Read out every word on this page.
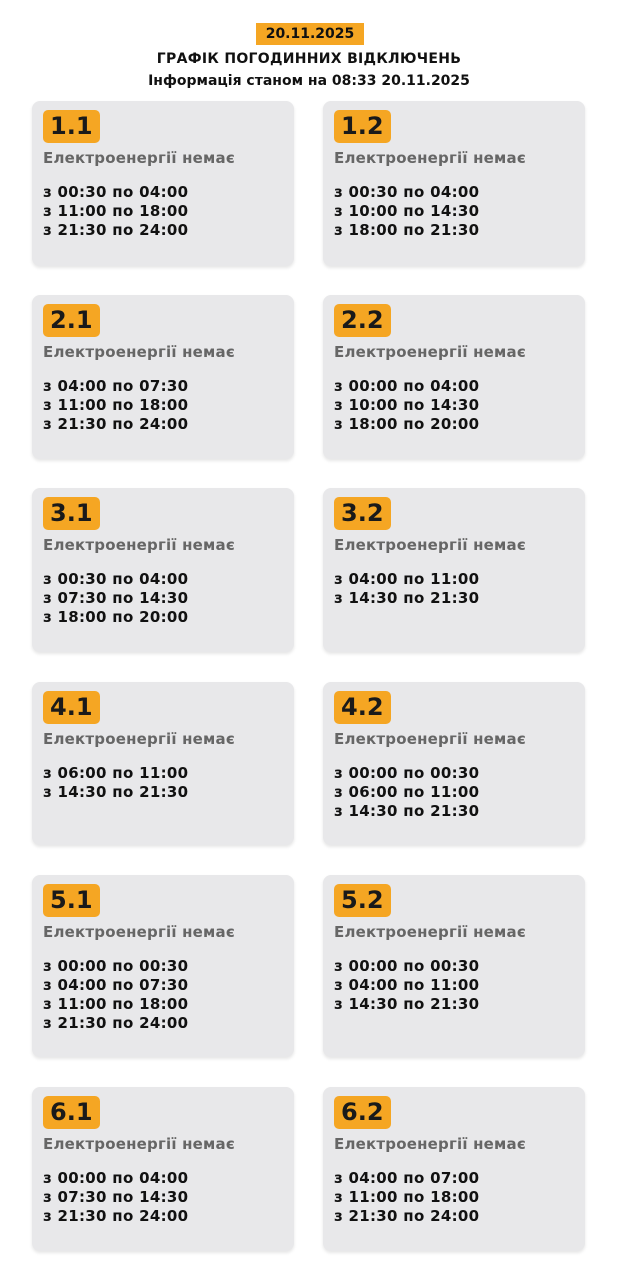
20.11.2025
ГРАФІК ПОГОДИННИХ ВІДКЛЮЧЕНЬ
Інформація станом на 08:33 20.11.2025
1.1
Електроенергії немає
з 00:30 по 04:00
з 11:00 по 18:00
з 21:30 по 24:00
1.2
Електроенергії немає
з 00:30 по 04:00
з 10:00 по 14:30
з 18:00 по 21:30
2.1
Електроенергії немає
з 04:00 по 07:30
з 11:00 по 18:00
з 21:30 по 24:00
2.2
Електроенергії немає
з 00:00 по 04:00
з 10:00 по 14:30
з 18:00 по 20:00
3.1
Електроенергії немає
з 00:30 по 04:00
з 07:30 по 14:30
з 18:00 по 20:00
3.2
Електроенергії немає
з 04:00 по 11:00
з 14:30 по 21:30
4.1
Електроенергії немає
з 06:00 по 11:00
з 14:30 по 21:30
4.2
Електроенергії немає
з 00:00 по 00:30
з 06:00 по 11:00
з 14:30 по 21:30
5.1
Електроенергії немає
з 00:00 по 00:30
з 04:00 по 07:30
з 11:00 по 18:00
з 21:30 по 24:00
5.2
Електроенергії немає
з 00:00 по 00:30
з 04:00 по 11:00
з 14:30 по 21:30
6.1
Електроенергії немає
з 00:00 по 04:00
з 07:30 по 14:30
з 21:30 по 24:00
6.2
Електроенергії немає
з 04:00 по 07:00
з 11:00 по 18:00
з 21:30 по 24:00
